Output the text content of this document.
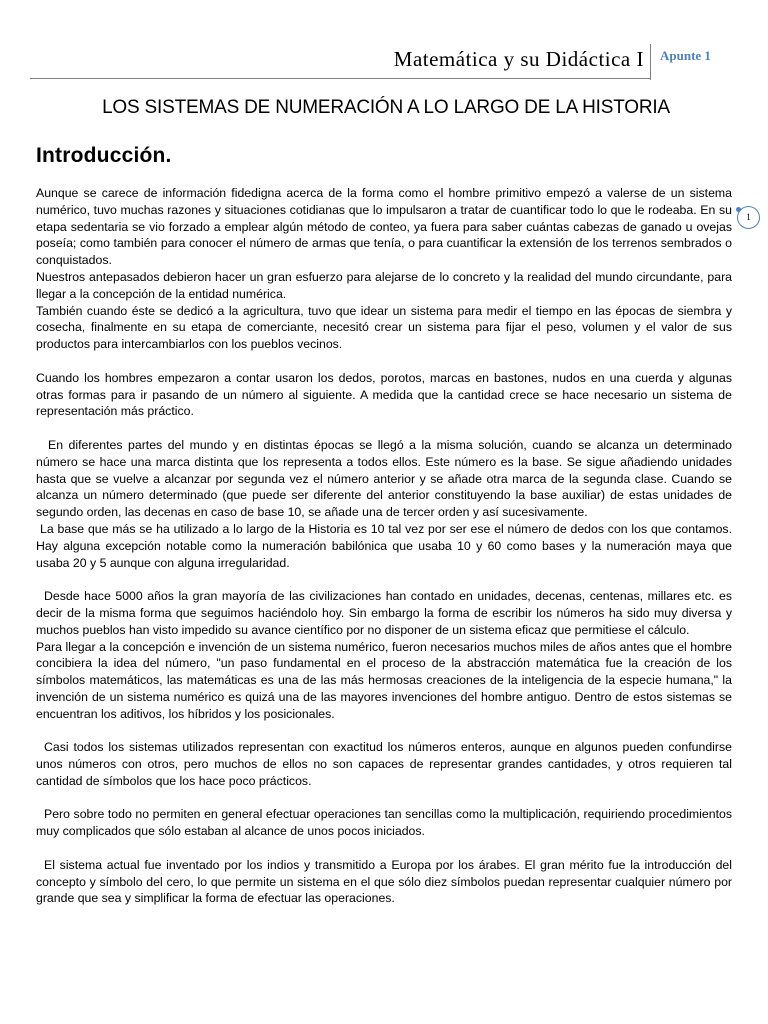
Matemática y su Didáctica I Apunte 1
1
LOS SISTEMAS DE NUMERACIÓN A LO LARGO DE LA HISTORIA
Introducción.

Aunque se carece de información fidedigna acerca de la forma como el hombre primitivo empezó a valerse de un sistema numérico, tuvo muchas razones y situaciones cotidianas que lo impulsaron a tratar de cuantificar todo lo que le rodeaba. En su etapa sedentaria se vio forzado a emplear algún método de conteo, ya fuera para saber cuántas cabezas de ganado u ovejas poseía; como también para conocer el número de armas que tenía, o para cuantificar la extensión de los terrenos sembrados o conquistados.

Nuestros antepasados debieron hacer un gran esfuerzo para alejarse de lo concreto y la realidad del mundo circundante, para llegar a la concepción de la entidad numérica.

También cuando éste se dedicó a la agricultura, tuvo que idear un sistema para medir el tiempo en las épocas de siembra y cosecha, finalmente en su etapa de comerciante, necesitó crear un sistema para fijar el peso, volumen y el valor de sus productos para intercambiarlos con los pueblos vecinos.

Cuando los hombres empezaron a contar usaron los dedos, porotos, marcas en bastones, nudos en una cuerda y algunas otras formas para ir pasando de un número al siguiente. A medida que la cantidad crece se hace necesario un sistema de representación más práctico.

En diferentes partes del mundo y en distintas épocas se llegó a la misma solución, cuando se alcanza un determinado número se hace una marca distinta que los representa a todos ellos. Este número es la base. Se sigue añadiendo unidades hasta que se vuelve a alcanzar por segunda vez el número anterior y se añade otra marca de la segunda clase. Cuando se alcanza un número determinado (que puede ser diferente del anterior constituyendo la base auxiliar) de estas unidades de segundo orden, las decenas en caso de base 10, se añade una de tercer orden y así sucesivamente.

La base que más se ha utilizado a lo largo de la Historia es 10 tal vez por ser ese el número de dedos con los que contamos. Hay alguna excepción notable como la numeración babilónica que usaba 10 y 60 como bases y la numeración maya que usaba 20 y 5 aunque con alguna irregularidad.

Desde hace 5000 años la gran mayoría de las civilizaciones han contado en unidades, decenas, centenas, millares etc. es decir de la misma forma que seguimos haciéndolo hoy. Sin embargo la forma de escribir los números ha sido muy diversa y muchos pueblos han visto impedido su avance científico por no disponer de un sistema eficaz que permitiese el cálculo.

Para llegar a la concepción e invención de un sistema numérico, fueron necesarios muchos miles de años antes que el hombre concibiera la idea del número, "un paso fundamental en el proceso de la abstracción matemática fue la creación de los símbolos matemáticos, las matemáticas es una de las más hermosas creaciones de la inteligencia de la especie humana," la invención de un sistema numérico es quizá una de las mayores invenciones del hombre antiguo. Dentro de estos sistemas se encuentran los aditivos, los híbridos y los posicionales.

Casi todos los sistemas utilizados representan con exactitud los números enteros, aunque en algunos pueden confundirse unos números con otros, pero muchos de ellos no son capaces de representar grandes cantidades, y otros requieren tal cantidad de símbolos que los hace poco prácticos.

Pero sobre todo no permiten en general efectuar operaciones tan sencillas como la multiplicación, requiriendo procedimientos muy complicados que sólo estaban al alcance de unos pocos iniciados.

El sistema actual fue inventado por los indios y transmitido a Europa por los árabes. El gran mérito fue la introducción del concepto y símbolo del cero, lo que permite un sistema en el que sólo diez símbolos puedan representar cualquier número por grande que sea y simplificar la forma de efectuar las operaciones.
